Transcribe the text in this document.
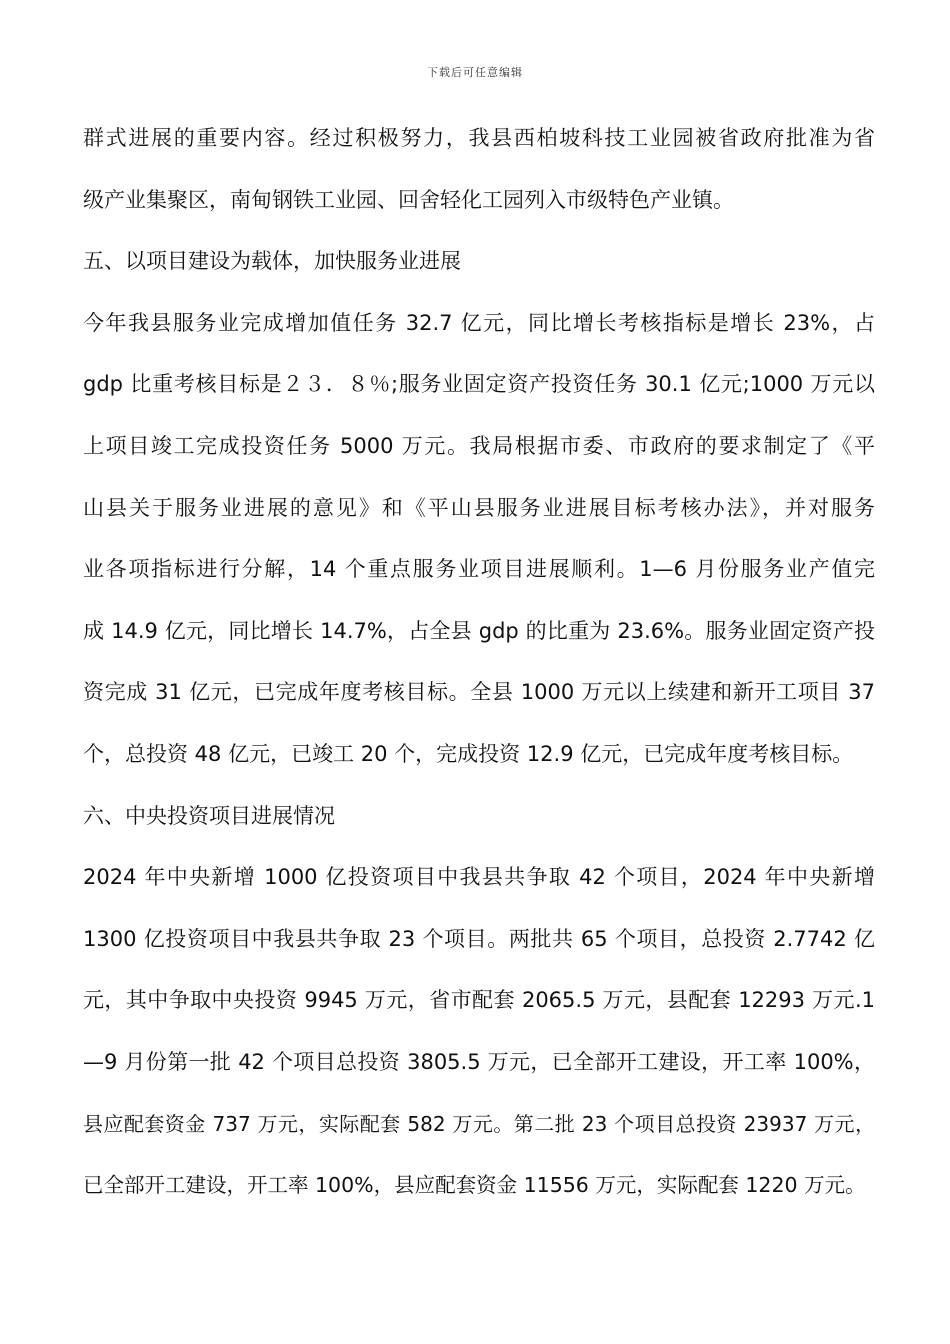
下载后可任意编辑
群式进展的重要内容。经过积极努力，我县西柏坡科技工业园被省政府批准为省
级产业集聚区，南甸钢铁工业园、回舍轻化工园列入市级特色产业镇。
五、以项目建设为载体，加快服务业进展
今年我县服务业完成增加值任务 32.7 亿元，同比增长考核指标是增长 23%，占
gdp 比重考核目标是２３．８％;服务业固定资产投资任务 30.1 亿元;1000 万元以
上项目竣工完成投资任务 5000 万元。我局根据市委、市政府的要求制定了《平
山县关于服务业进展的意见》和《平山县服务业进展目标考核办法》，并对服务
业各项指标进行分解，14 个重点服务业项目进展顺利。1—6 月份服务业产值完
成 14.9 亿元，同比增长 14.7%，占全县 gdp 的比重为 23.6%。服务业固定资产投
资完成 31 亿元，已完成年度考核目标。全县 1000 万元以上续建和新开工项目 37
个，总投资 48 亿元，已竣工 20 个，完成投资 12.9 亿元，已完成年度考核目标。
六、中央投资项目进展情况
2024 年中央新增 1000 亿投资项目中我县共争取 42 个项目，2024 年中央新增
1300 亿投资项目中我县共争取 23 个项目。两批共 65 个项目，总投资 2.7742 亿
元，其中争取中央投资 9945 万元，省市配套 2065.5 万元，县配套 12293 万元.1
—9 月份第一批 42 个项目总投资 3805.5 万元，已全部开工建设，开工率 100%，
县应配套资金 737 万元，实际配套 582 万元。第二批 23 个项目总投资 23937 万元，
已全部开工建设，开工率 100%，县应配套资金 11556 万元，实际配套 1220 万元。
